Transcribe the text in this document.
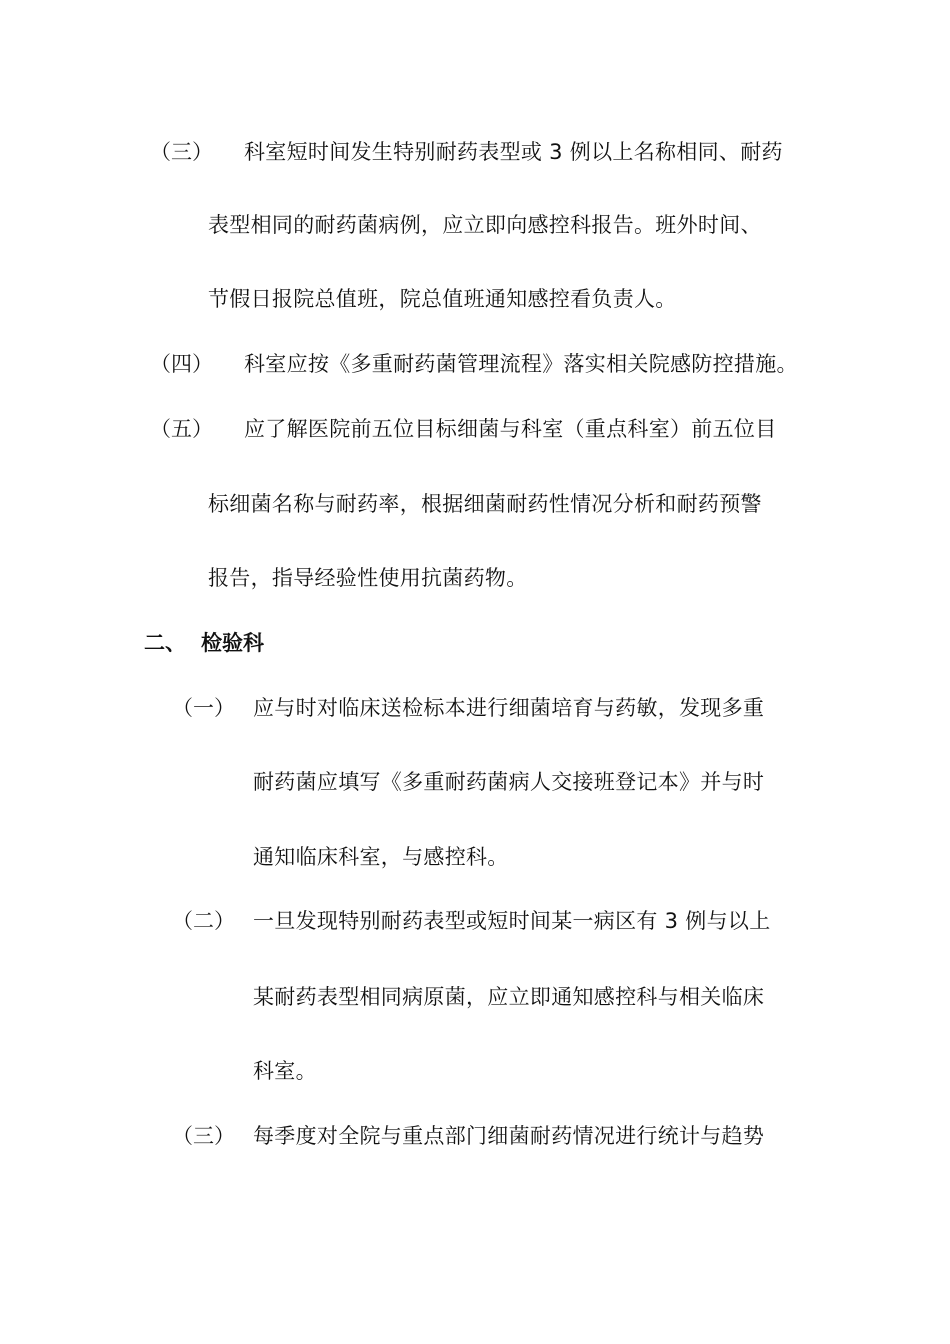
（三） 科室短时间发生特别耐药表型或 3 例以上名称相同、耐药
表型相同的耐药菌病例，应立即向感控科报告。班外时间、
节假日报院总值班，院总值班通知感控看负责人。
（四） 科室应按《多重耐药菌管理流程》落实相关院感防控措施。
（五） 应了解医院前五位目标细菌与科室（重点科室）前五位目
标细菌名称与耐药率，根据细菌耐药性情况分析和耐药预警
报告，指导经验性使用抗菌药物。
二、 检验科
（一） 应与时对临床送检标本进行细菌培育与药敏，发现多重
耐药菌应填写《多重耐药菌病人交接班登记本》并与时
通知临床科室，与感控科。
（二） 一旦发现特别耐药表型或短时间某一病区有 3 例与以上
某耐药表型相同病原菌，应立即通知感控科与相关临床
科室。
（三） 每季度对全院与重点部门细菌耐药情况进行统计与趋势
